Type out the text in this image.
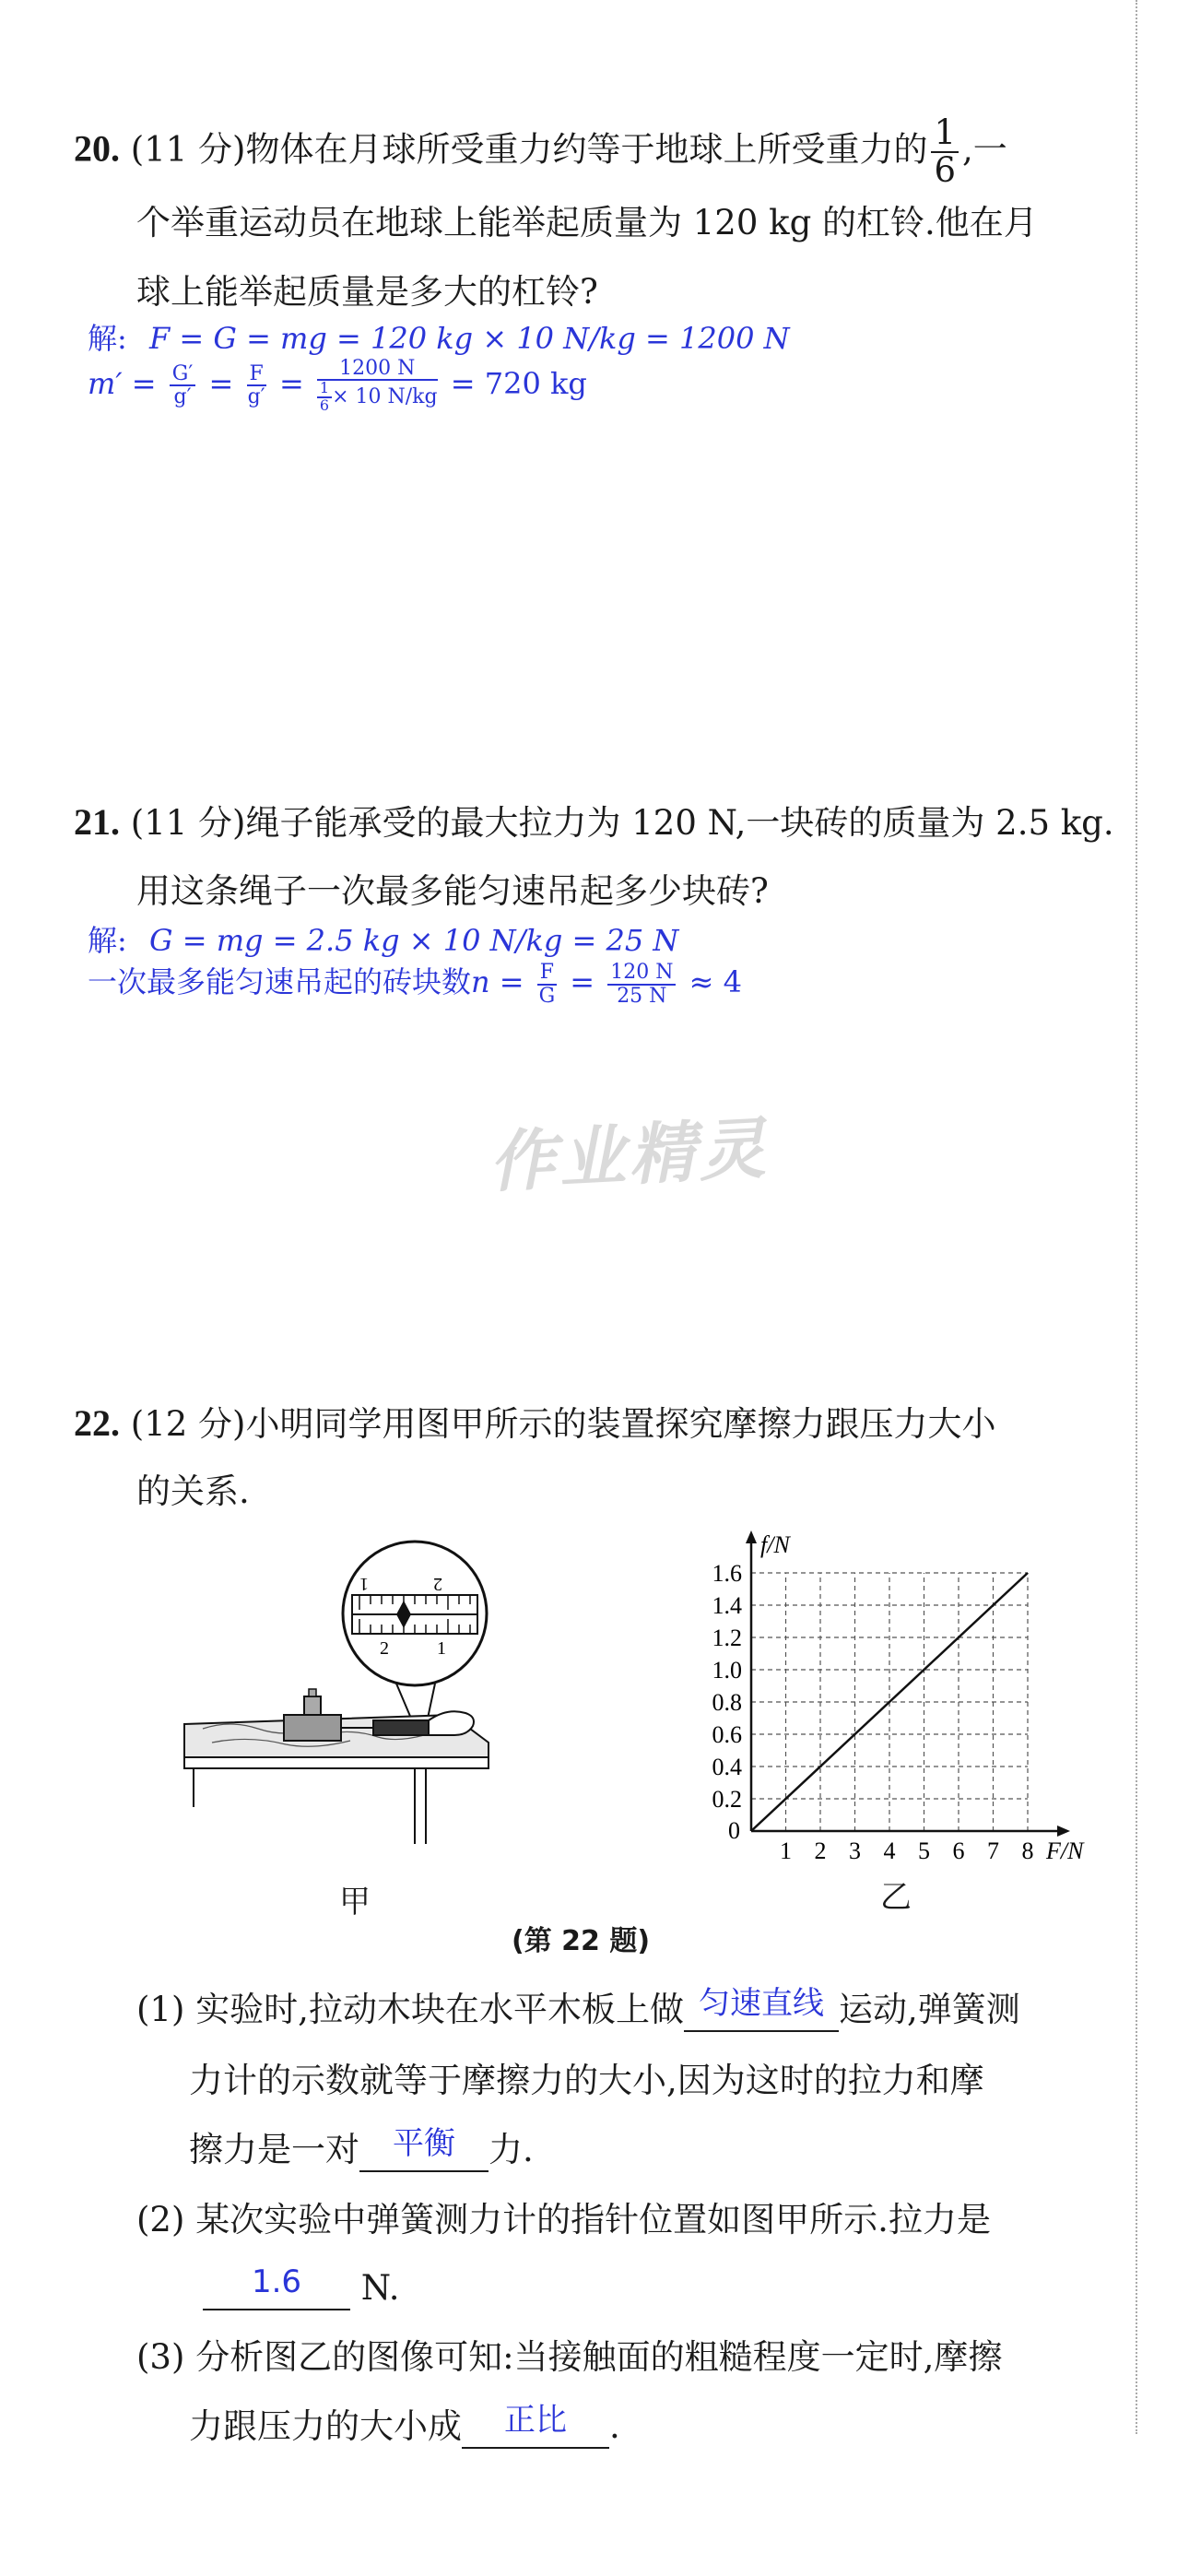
20. (11 分)物体在月球所受重力约等于地球上所受重力的 $\frac{1}{6}$ ,一
个举重运动员在地球上能举起质量为 120 kg 的杠铃.他在月
球上能举起质量是多大的杠铃?
解: F = G = mg = 120 kg × 10 N/kg = 1200 N
$m' = \frac{G'}{g'} = \frac{F}{g'} = \frac{1200 N}{\frac{1}{6} \times 10 N/kg} = 720$ kg
21. (11 分)绳子能承受的最大拉力为 120 N,一块砖的质量为 2.5 kg.
用这条绳子一次最多能匀速吊起多少块砖?
解: G = mg = 2.5 kg × 10 N/kg = 25 N
一次最多能匀速吊起的砖块数$n = \frac{F}{G} = \frac{120 N}{25 N} \approx 4$
作业精灵
22. (12 分)小明同学用图甲所示的装置探究摩擦力跟压力大小
的关系.
1	2
2	1
甲
1 2 3 4 5 6 7 8
0.2
0.4
0.6
0.8
1.0
1.2
1.4
1.6
0
F/N
f/N
乙
(第 22 题)
(1) 实验时,拉动木块在水平木板上做 匀速直线 运动,弹簧测
力计的示数就等于摩擦力的大小,因为这时的拉力和摩
擦力是一对 平衡 力.
(2) 某次实验中弹簧测力计的指针位置如图甲所示.拉力是
1.6 N.
(3) 分析图乙的图像可知:当接触面的粗糙程度一定时,摩擦
力跟压力的大小成 正比 .
